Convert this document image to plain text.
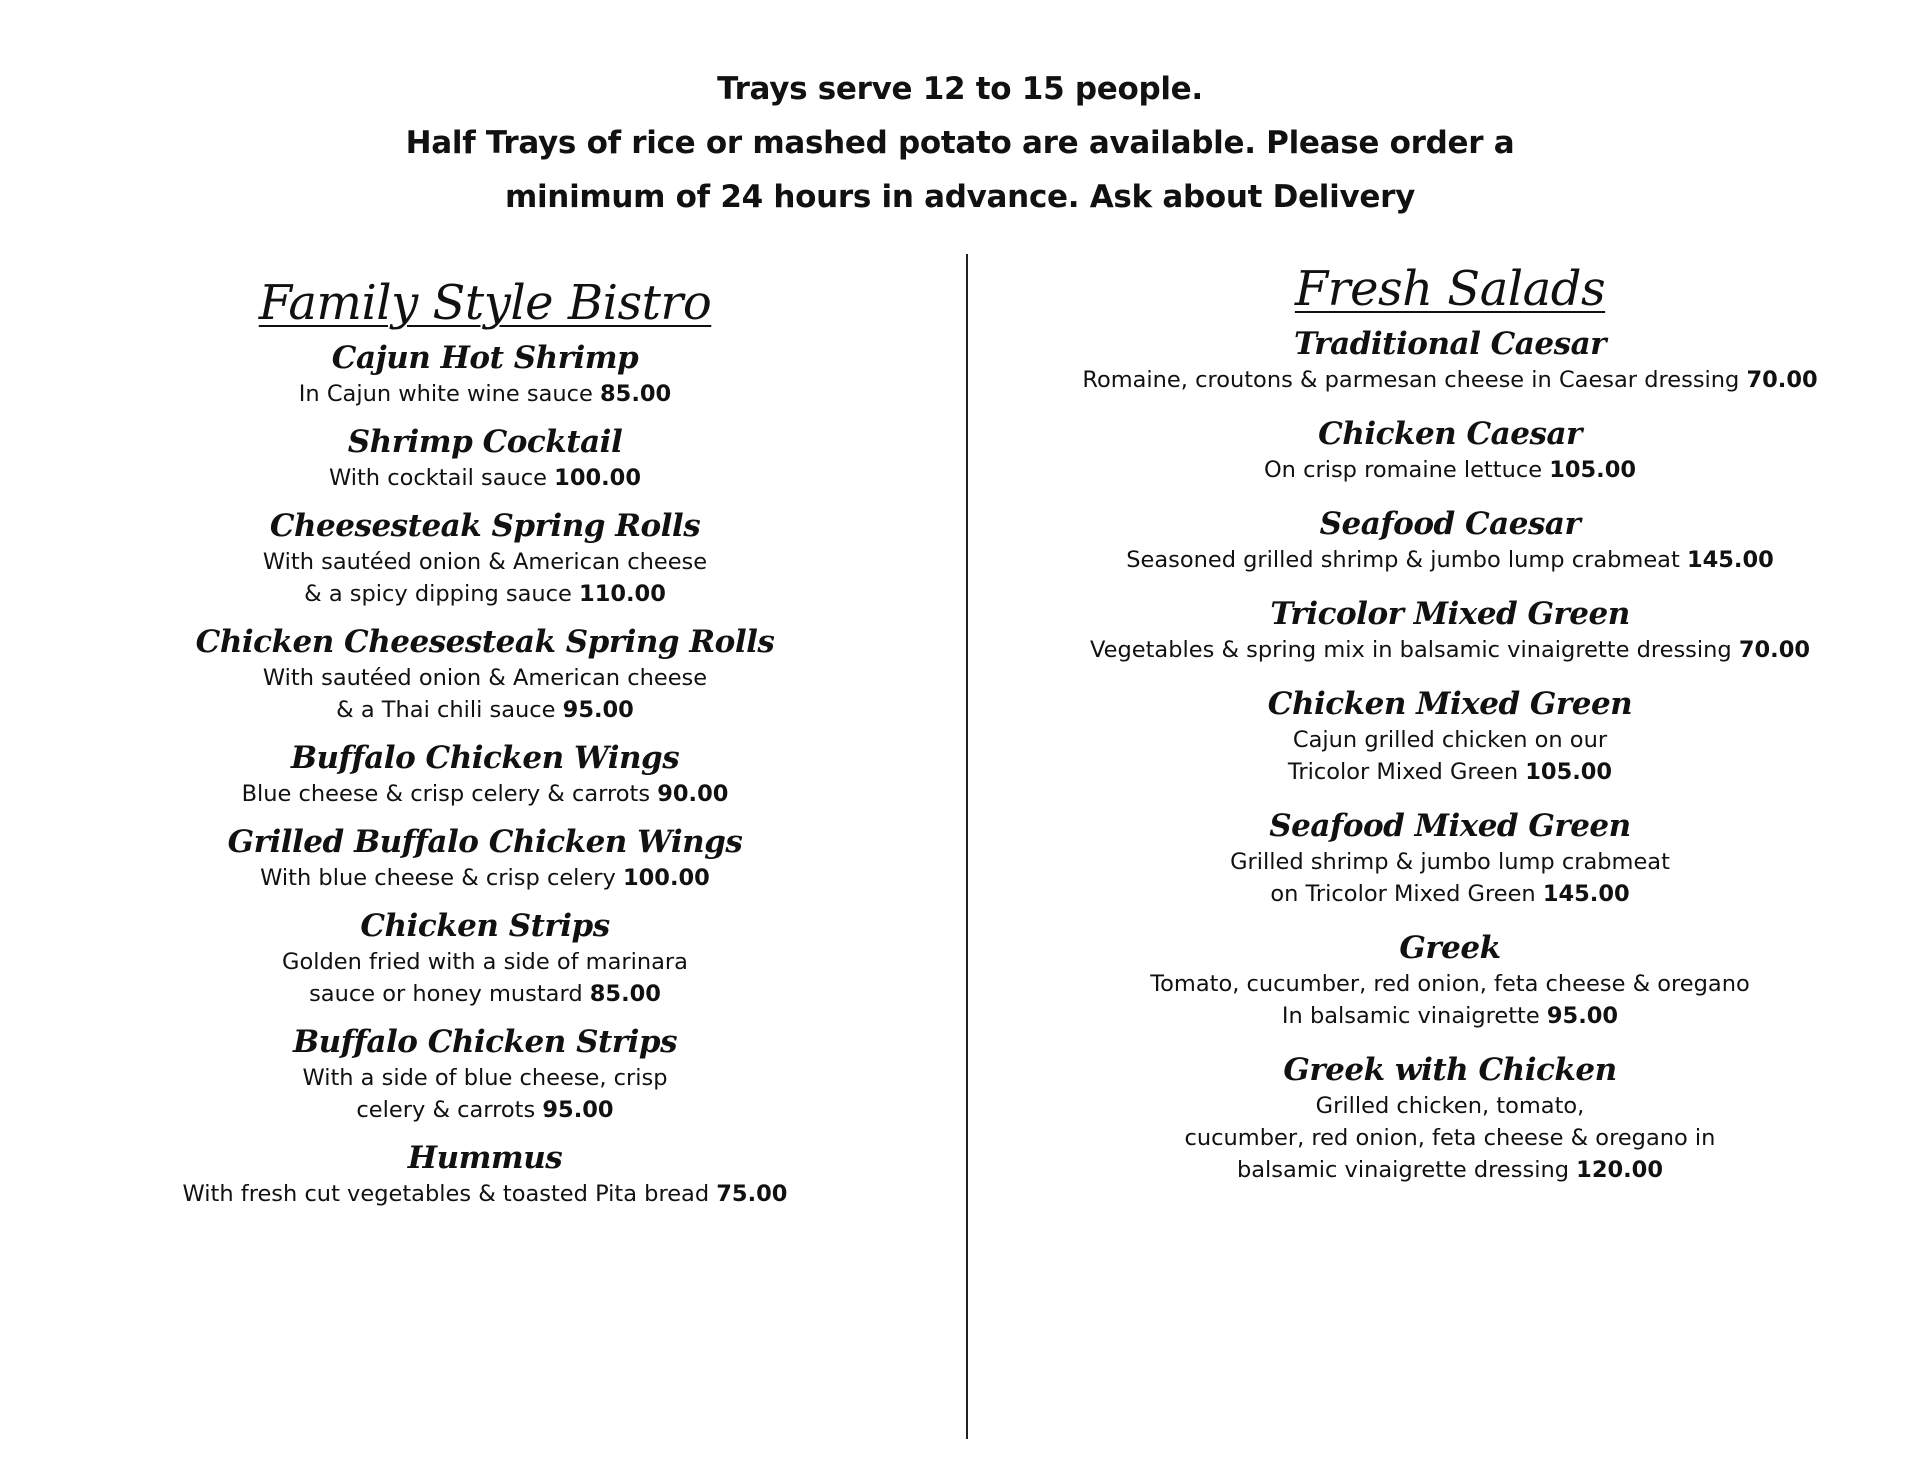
Trays serve 12 to 15 people.
Half Trays of rice or mashed potato are available. Please order a
minimum of 24 hours in advance. Ask about Delivery
Family Style Bistro
Cajun Hot Shrimp
In Cajun white wine sauce 85.00
Shrimp Cocktail
With cocktail sauce 100.00
Cheesesteak Spring Rolls
With sautéed onion & American cheese
& a spicy dipping sauce 110.00
Chicken Cheesesteak Spring Rolls
With sautéed onion & American cheese
& a Thai chili sauce 95.00
Buffalo Chicken Wings
Blue cheese & crisp celery & carrots 90.00
Grilled Buffalo Chicken Wings
With blue cheese & crisp celery 100.00
Chicken Strips
Golden fried with a side of marinara
sauce or honey mustard 85.00
Buffalo Chicken Strips
With a side of blue cheese, crisp
celery & carrots 95.00
Hummus
With fresh cut vegetables & toasted Pita bread 75.00
Fresh Salads
Traditional Caesar
Romaine, croutons & parmesan cheese in Caesar dressing 70.00
Chicken Caesar
On crisp romaine lettuce 105.00
Seafood Caesar
Seasoned grilled shrimp & jumbo lump crabmeat 145.00
Tricolor Mixed Green
Vegetables & spring mix in balsamic vinaigrette dressing 70.00
Chicken Mixed Green
Cajun grilled chicken on our
Tricolor Mixed Green 105.00
Seafood Mixed Green
Grilled shrimp & jumbo lump crabmeat
on Tricolor Mixed Green 145.00
Greek
Tomato, cucumber, red onion, feta cheese & oregano
In balsamic vinaigrette 95.00
Greek with Chicken
Grilled chicken, tomato,
cucumber, red onion, feta cheese & oregano in
balsamic vinaigrette dressing 120.00
